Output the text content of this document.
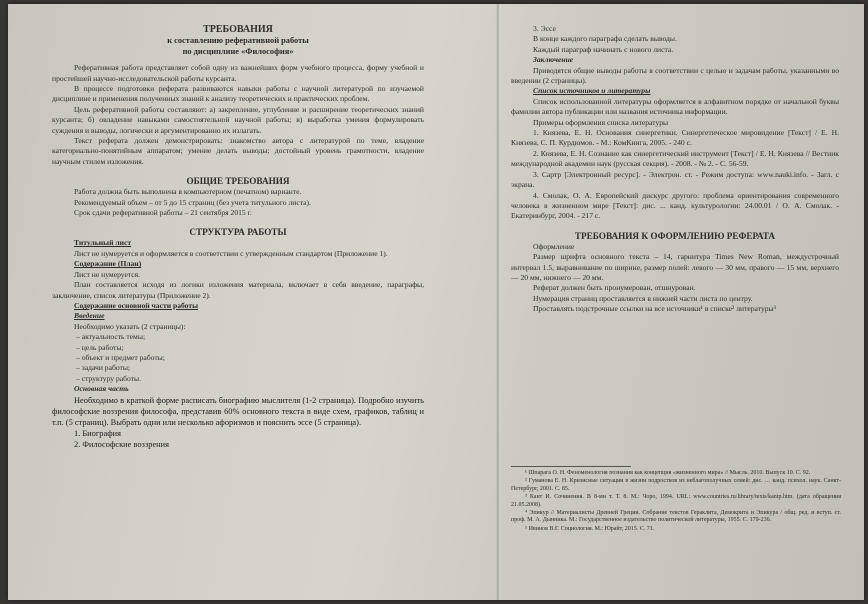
ТРЕБОВАНИЯ
к составлению реферативной работы
по дисциплине «Философия»

Реферативная работа представляет собой одну из важнейших форм учебного процесса, форму учебной и простейшей научно-исследовательской работы курсанта.

В процессе подготовки реферата развиваются навыки работы с научной литературой по изучаемой дисциплине и применения полученных знаний к анализу теоретических и практических проблем.

Цель реферативной работы составляют: а) закрепление, углубление и расширение теоретических знаний курсанта; б) овладение навыками самостоятельной научной работы; в) выработка умения формулировать суждения и выводы, логически и аргументированно их излагать.

Текст реферата должен демонстрировать: знакомство автора с литературой по теме, владение категориально-понятийным аппаратом; умение делать выводы; достойный уровень грамотности, владение научным стилем изложения.

ОБЩИЕ ТРЕБОВАНИЯ

Работа должна быть выполнена в компьютерном (печатном) варианте.

Рекомендуемый объем – от 5 до 15 страниц (без учета титульного листа).

Срок сдачи реферативной работы – 21 сентября 2015 г.

СТРУКТУРА РАБОТЫ

Титульный лист

Лист не нумеруется и оформляется в соответствии с утвержденным стандартом (Приложение 1).

Содержание (План)

Лист не нумеруется.

План составляется исходя из логики изложения материала, включает в себя введение, параграфы, заключение, список литературы (Приложение 2).

Содержание основной части работы

Введение

Необходимо указать (2 страницы):

– актуальность темы;
– цель работы;
– объект и предмет работы;
– задачи работы;
– структуру работы.

Основная часть

Необходимо в краткой форме расписать биографию мыслителя (1-2 страница). Подробно изучить философские воззрения философа, представив 60% основного текста в виде схем, графиков, таблиц и т.п. (5 страниц). Выбрать одни или несколько афоризмов и пояснить эссе (5 страница).

1. Биография

2. Философские воззрения

3. Эссе

В конце каждого параграфа сделать выводы.

Каждый параграф начинать с нового листа.

Заключение

Приводятся общие выводы работы в соответствии с целью и задачам работы, указанными во введении (2 страницы).

Список источников и литературы

Список использованной литературы оформляется в алфавитном порядке от начальной буквы фамилии автора публикации или названия источника информации.

Примеры оформления списка литературы

1. Князева, Е. Н. Основания синергетики. Синергетическое мировидение [Текст] / Е. Н. Князева, С. П. Курдюмов. - М.: КомКнига, 2005. - 240 с.

2. Князева, Е. Н. Сознание как синергетический инструмент [Текст] / Е. Н. Князева // Вестник международной академии наук (русская секция). - 2008. - № 2. - С. 56-59.

3. Сартр [Электронный ресурс]. - Электрон. ст. - Режим доступа: www.nauki.info. - Загл. с экрана.

4. Смолак, О. А. Европейский дискурс другого: проблема ориентирования современного человека в жизненном мире [Текст]: дис. ... канд. культурологии: 24.00.01 / О. А. Смолак. - Екатеринбург, 2004. - 217 с.

ТРЕБОВАНИЯ К ОФОРМЛЕНИЮ РЕФЕРАТА

Оформление

Размер шрифта основного текста – 14, гарнитура Times New Roman, междустрочный интервал 1.5, выравнивание по ширине, размер полей: левого — 30 мм, правого — 15 мм, верхнего — 20 мм, нижнего — 20 мм.

Реферат должен быть пронумерован, отшнурован.

Нумерация страниц проставляется в нижней части листа по центру.

Проставлять подстрочные ссылки на все источники¹ в списке² литературы³

¹ Шпарага О. Н. Феноменология познания как концепция «жизненного мира» // Мысль. 2010. Выпуск 10. С. 92.

² Гуманова Е. Н. Кризисные ситуации в жизни подростков из неблагополучных семей: дис. … канд. психол. наук. Санкт-Петербург, 2001. С. 85.

³ Кант И. Сочинения. В 8-ми т. Т. 8. М.: Чоро, 1994. URL: www.countries.ru/library/texts/kantp.htm. (дата обращения 21.05.2008).

⁴ Эпикур // Материалисты Древней Греции. Собрание текстов Гераклита, Демокрита и Эпикура / общ. ред. и вступ. ст. проф. М. А. Дынника. М.: Государственное издательство политической литературы, 1955. С. 179-236.

⁵ Ивинов В.Г. Социология. М.: Юрайт, 2015. С. 71.
